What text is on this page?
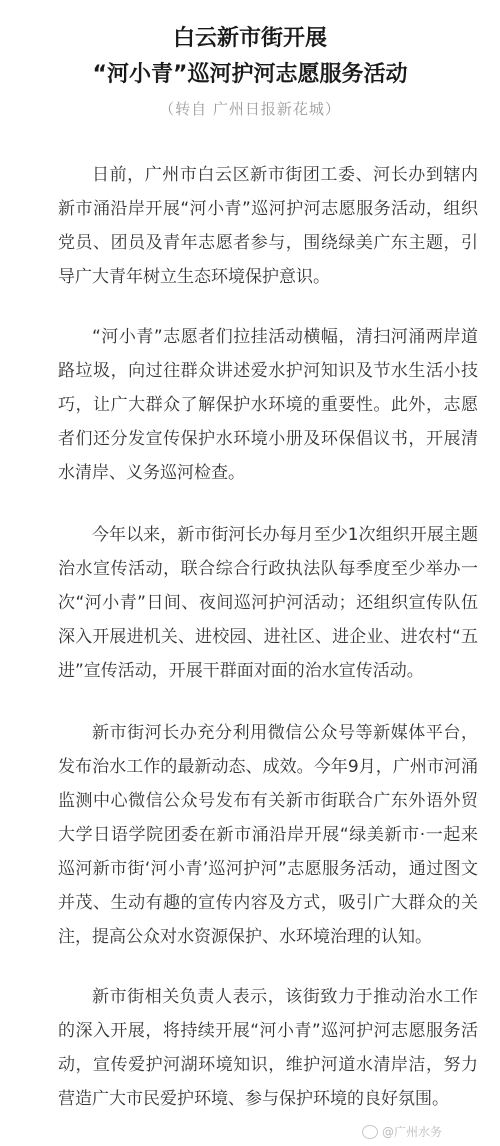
白云新市街开展
“河小青”巡河护河志愿服务活动
（转自 广州日报新花城）

日前，广州市白云区新市街团工委、河长办到辖内新市涌沿岸开展“河小青”巡河护河志愿服务活动，组织党员、团员及青年志愿者参与，围绕绿美广东主题，引导广大青年树立生态环境保护意识。

“河小青”志愿者们拉挂活动横幅，清扫河涌两岸道路垃圾，向过往群众讲述爱水护河知识及节水生活小技巧，让广大群众了解保护水环境的重要性。此外，志愿者们还分发宣传保护水环境小册及环保倡议书，开展清水清岸、义务巡河检查。

今年以来，新市街河长办每月至少1次组织开展主题治水宣传活动，联合综合行政执法队每季度至少举办一次“河小青”日间、夜间巡河护河活动；还组织宣传队伍深入开展进机关、进校园、进社区、进企业、进农村“五进”宣传活动，开展干群面对面的治水宣传活动。

新市街河长办充分利用微信公众号等新媒体平台，发布治水工作的最新动态、成效。今年9月，广州市河涌监测中心微信公众号发布有关新市街联合广东外语外贸大学日语学院团委在新市涌沿岸开展“绿美新市·一起来巡河新市街‘河小青’巡河护河”志愿服务活动，通过图文并茂、生动有趣的宣传内容及方式，吸引广大群众的关注，提高公众对水资源保护、水环境治理的认知。

新市街相关负责人表示，该街致力于推动治水工作的深入开展，将持续开展“河小青”巡河护河志愿服务活动，宣传爱护河湖环境知识，维护河道水清岸洁，努力营造广大市民爱护环境、参与保护环境的良好氛围。

@广州水务
